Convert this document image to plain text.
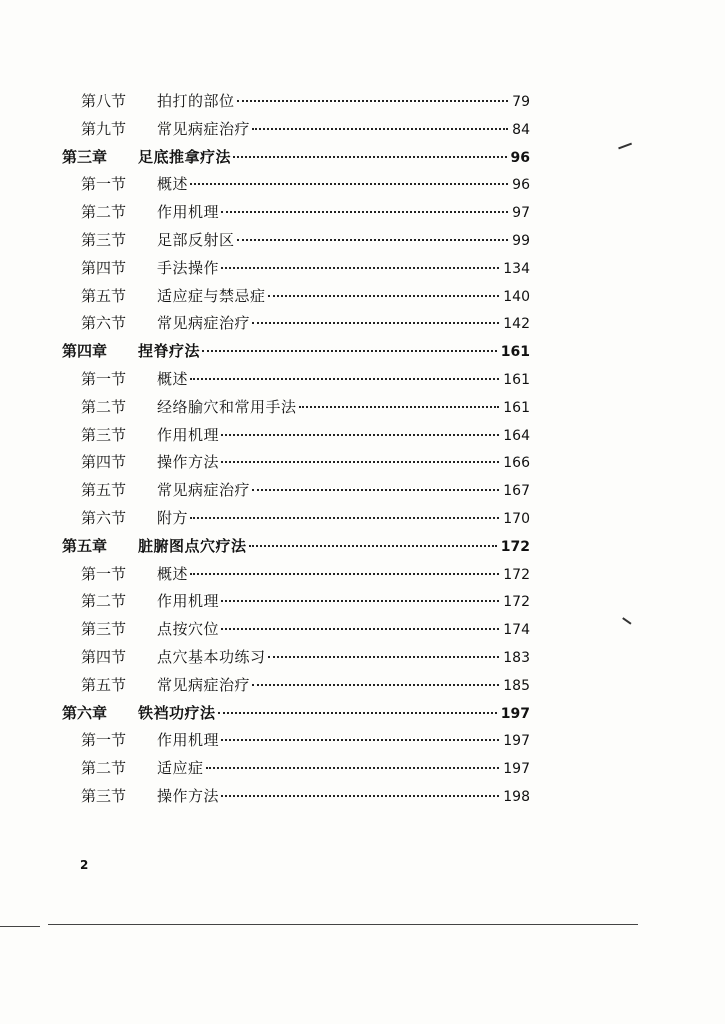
第八节	拍打的部位	79
第九节	常见病症治疗	84
第三章	足底推拿疗法	96
第一节	概述	96
第二节	作用机理	97
第三节	足部反射区	99
第四节	手法操作	134
第五节	适应症与禁忌症	140
第六节	常见病症治疗	142
第四章	捏脊疗法	161
第一节	概述	161
第二节	经络腧穴和常用手法	161
第三节	作用机理	164
第四节	操作方法	166
第五节	常见病症治疗	167
第六节	附方	170
第五章	脏腑图点穴疗法	172
第一节	概述	172
第二节	作用机理	172
第三节	点按穴位	174
第四节	点穴基本功练习	183
第五节	常见病症治疗	185
第六章	铁裆功疗法	197
第一节	作用机理	197
第二节	适应症	197
第三节	操作方法	198
2
